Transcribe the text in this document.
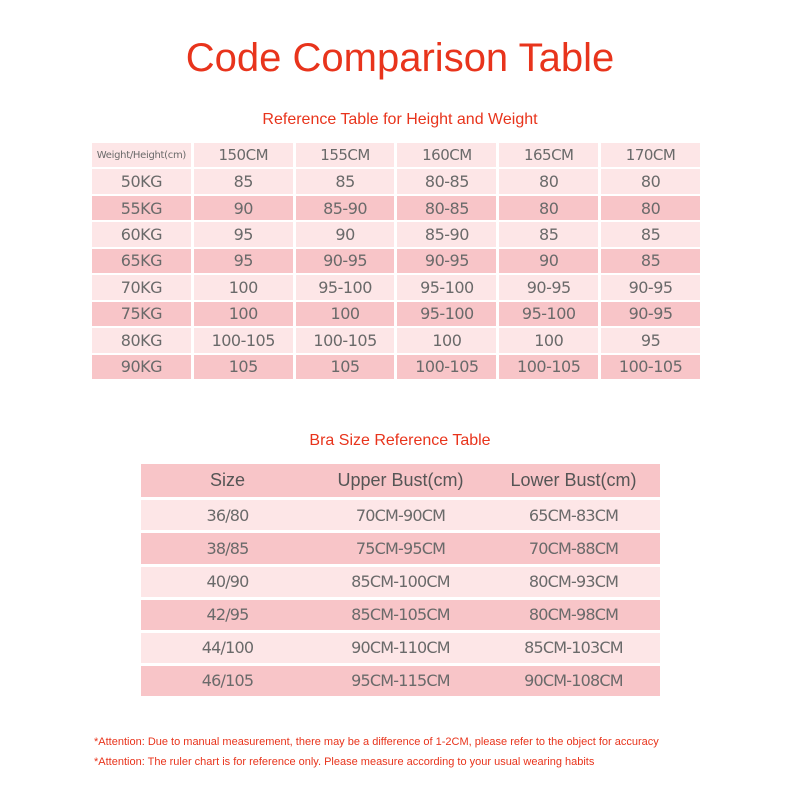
Code Comparison Table
Reference Table for Height and Weight
Weight/Height(cm)	150CM	155CM	160CM	165CM	170CM
50KG	85	85	80-85	80	80
55KG	90	85-90	80-85	80	80
60KG	95	90	85-90	85	85
65KG	95	90-95	90-95	90	85
70KG	100	95-100	95-100	90-95	90-95
75KG	100	100	95-100	95-100	90-95
80KG	100-105	100-105	100	100	95
90KG	105	105	100-105	100-105	100-105
Bra Size Reference Table
Size	Upper Bust(cm)	Lower Bust(cm)
36/80	70CM-90CM	65CM-83CM
38/85	75CM-95CM	70CM-88CM
40/90	85CM-100CM	80CM-93CM
42/95	85CM-105CM	80CM-98CM
44/100	90CM-110CM	85CM-103CM
46/105	95CM-115CM	90CM-108CM
*Attention: Due to manual measurement, there may be a difference of 1-2CM, please refer to the object for accuracy
*Attention: The ruler chart is for reference only. Please measure according to your usual wearing habits
